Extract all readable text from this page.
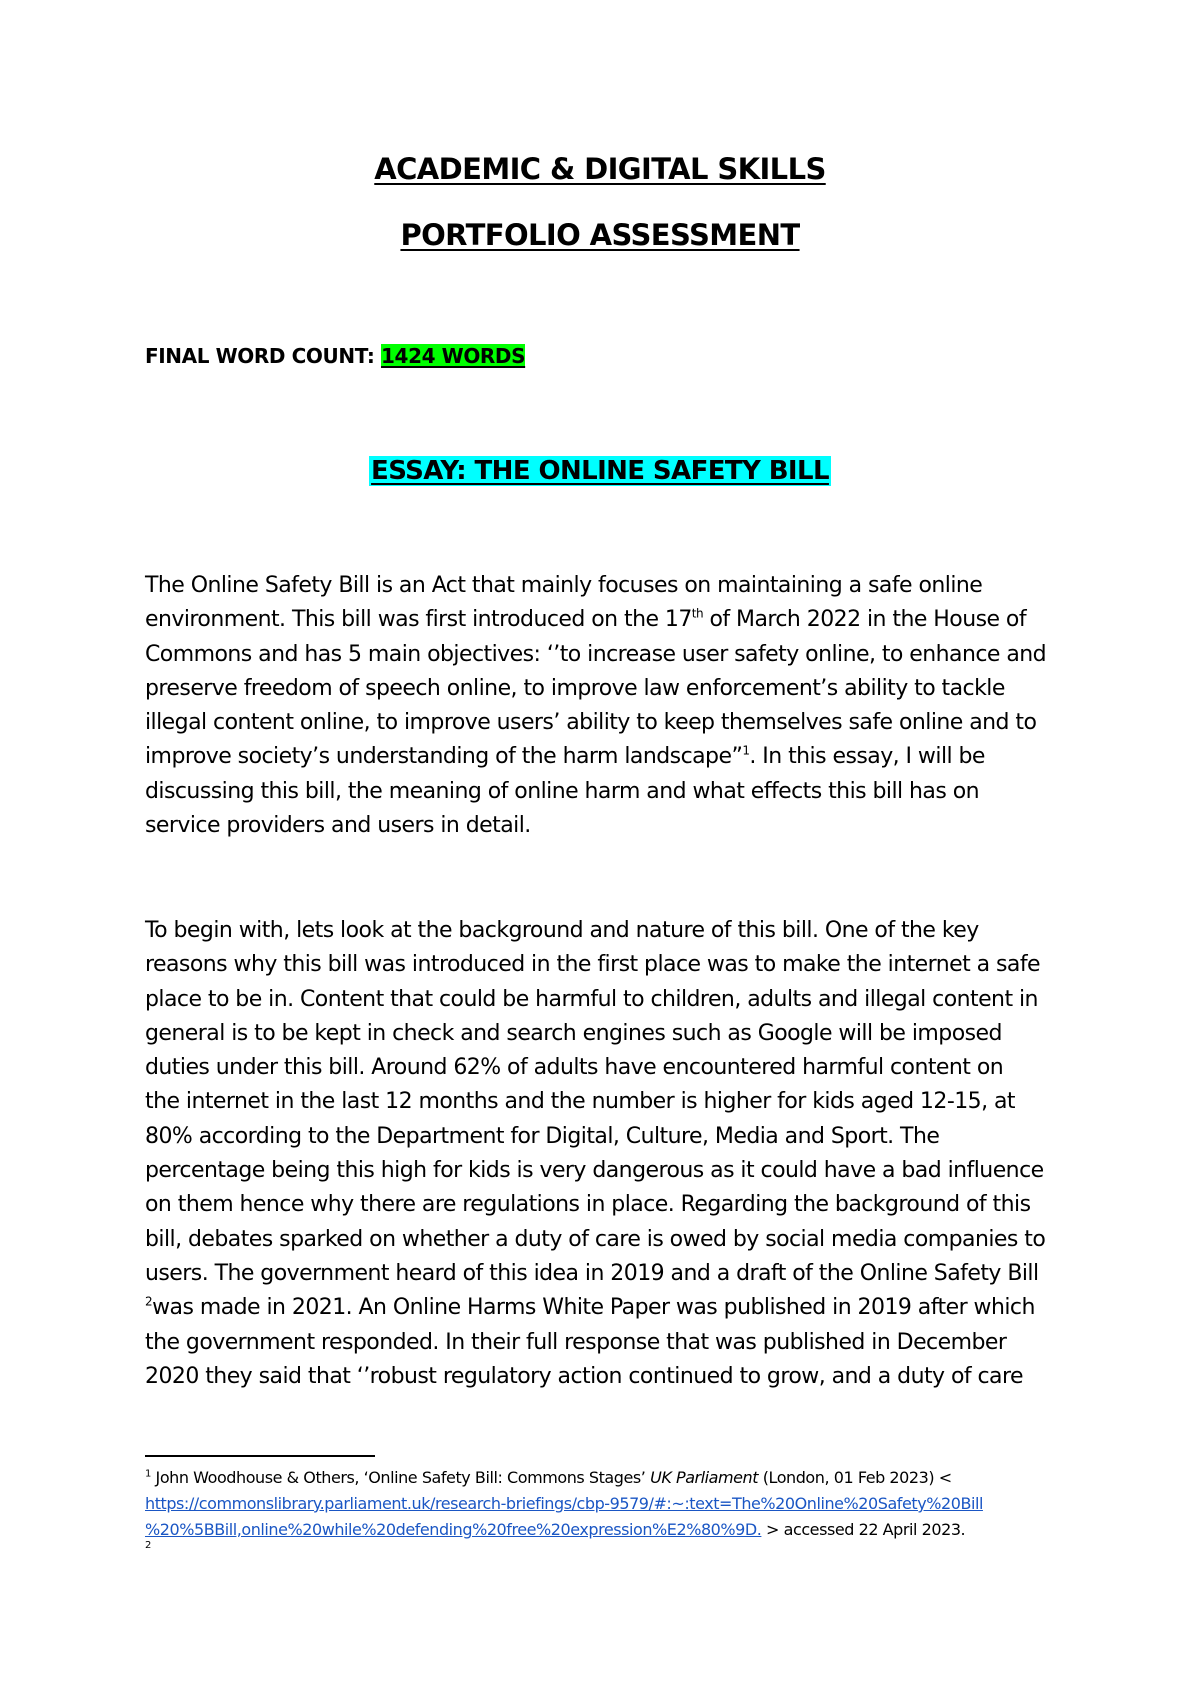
ACADEMIC & DIGITAL SKILLS
PORTFOLIO ASSESSMENT
FINAL WORD COUNT: 1424 WORDS
ESSAY: THE ONLINE SAFETY BILL
The Online Safety Bill is an Act that mainly focuses on maintaining a safe online
environment. This bill was first introduced on the 17th of March 2022 in the House of
Commons and has 5 main objectives: ‘’to increase user safety online, to enhance and
preserve freedom of speech online, to improve law enforcement’s ability to tackle
illegal content online, to improve users’ ability to keep themselves safe online and to
improve society’s understanding of the harm landscape”$^1$. In this essay, I will be
discussing this bill, the meaning of online harm and what effects this bill has on
service providers and users in detail.
To begin with, lets look at the background and nature of this bill. One of the key
reasons why this bill was introduced in the first place was to make the internet a safe
place to be in. Content that could be harmful to children, adults and illegal content in
general is to be kept in check and search engines such as Google will be imposed
duties under this bill. Around 62% of adults have encountered harmful content on
the internet in the last 12 months and the number is higher for kids aged 12-15, at
80% according to the Department for Digital, Culture, Media and Sport. The
percentage being this high for kids is very dangerous as it could have a bad influence
on them hence why there are regulations in place. Regarding the background of this
bill, debates sparked on whether a duty of care is owed by social media companies to
users. The government heard of this idea in 2019 and a draft of the Online Safety Bill
$^2$was made in 2021. An Online Harms White Paper was published in 2019 after which
the government responded. In their full response that was published in December
2020 they said that ‘’robust regulatory action continued to grow, and a duty of care
$^1$ John Woodhouse & Others, ‘Online Safety Bill: Commons Stages’ UK Parliament (London, 01 Feb 2023) <
https://commonslibrary.parliament.uk/research-briefings/cbp-9579/#:~:text=The%20Online%20Safety%20Bill
%20%5BBill,online%20while%20defending%20free%20expression%E2%80%9D. > accessed 22 April 2023.
2
